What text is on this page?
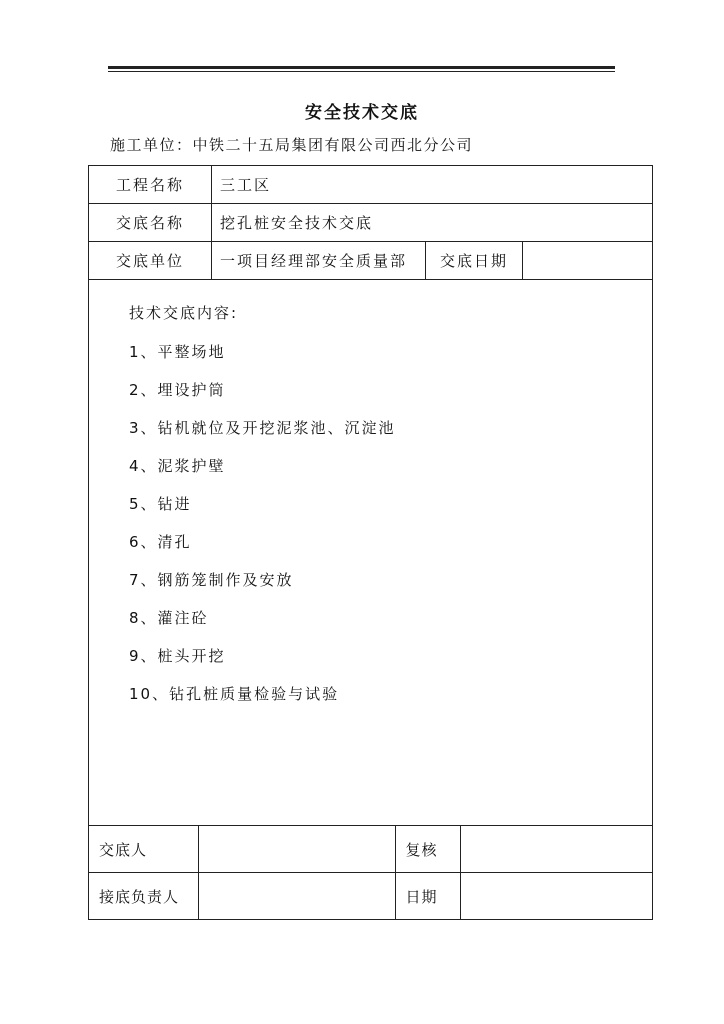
安全技术交底
施工单位：中铁二十五局集团有限公司西北分公司
工程名称	三工区
交底名称	挖孔桩安全技术交底
交底单位	一项目经理部安全质量部	交底日期	

技术交底内容:
1、平整场地
2、埋设护筒
3、钻机就位及开挖泥浆池、沉淀池
4、泥浆护壁
5、钻进
6、清孔
7、钢筋笼制作及安放
8、灌注砼
9、桩头开挖
10、钻孔桩质量检验与试验

交底人		复核	
接底负责人		日期	
